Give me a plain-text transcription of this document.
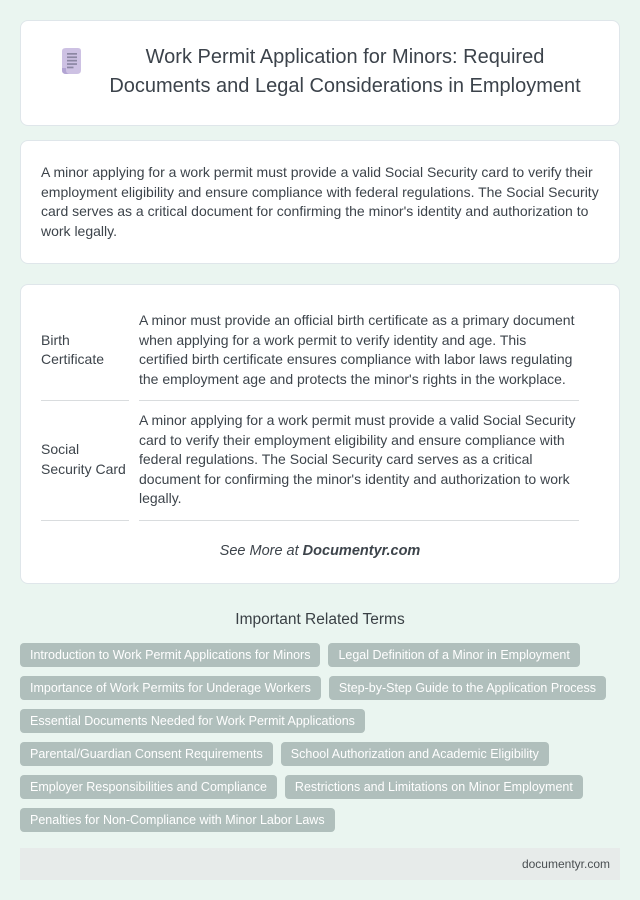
Work Permit Application for Minors: Required Documents and Legal Considerations in Employment

A minor applying for a work permit must provide a valid Social Security card to verify their employment eligibility and ensure compliance with federal regulations. The Social Security card serves as a critical document for confirming the minor's identity and authorization to work legally.

Birth Certificate	A minor must provide an official birth certificate as a primary document when applying for a work permit to verify identity and age. This certified birth certificate ensures compliance with labor laws regulating the employment age and protects the minor's rights in the workplace.
Social Security Card	A minor applying for a work permit must provide a valid Social Security card to verify their employment eligibility and ensure compliance with federal regulations. The Social Security card serves as a critical document for confirming the minor's identity and authorization to work legally.

See More at Documentyr.com

Important Related Terms
Introduction to Work Permit Applications for Minors	Legal Definition of a Minor in Employment
Importance of Work Permits for Underage Workers	Step-by-Step Guide to the Application Process
Essential Documents Needed for Work Permit Applications
Parental/Guardian Consent Requirements	School Authorization and Academic Eligibility
Employer Responsibilities and Compliance	Restrictions and Limitations on Minor Employment
Penalties for Non-Compliance with Minor Labor Laws
documentyr.com
